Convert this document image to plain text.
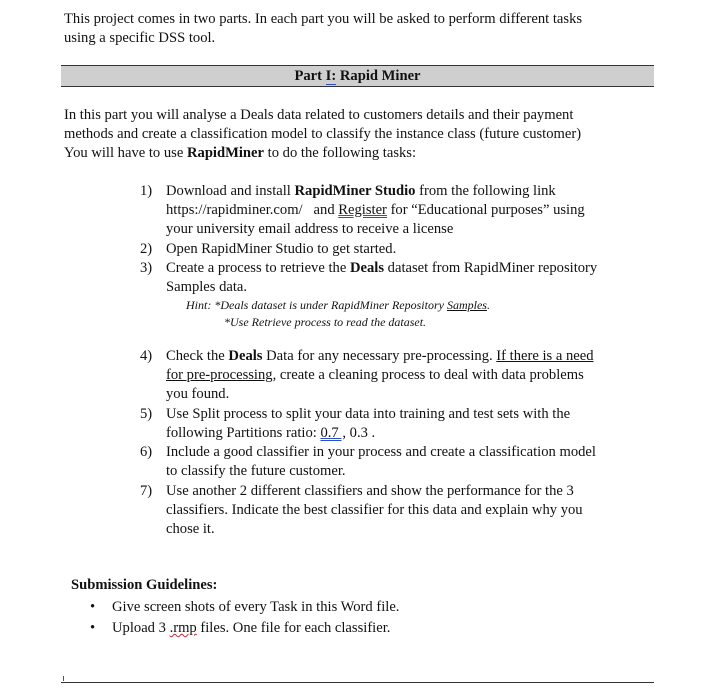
This project comes in two parts. In each part you will be asked to perform different tasks
using a specific DSS tool.
Part I: Rapid Miner
In this part you will analyse a Deals data related to customers details and their payment
methods and create a classification model to classify the instance class (future customer)
You will have to use RapidMiner to do the following tasks:
1) Download and install RapidMiner Studio from the following link
https://rapidminer.com/   and Register for “Educational purposes” using
your university email address to receive a license
2) Open RapidMiner Studio to get started.
3) Create a process to retrieve the Deals dataset from RapidMiner repository
Samples data.
Hint: *Deals dataset is under RapidMiner Repository Samples.
*Use Retrieve process to read the dataset.
4) Check the Deals Data for any necessary pre-processing. If there is a need
for pre-processing, create a cleaning process to deal with data problems
you found.
5) Use Split process to split your data into training and test sets with the
following Partitions ratio: 0.7 , 0.3 .
6) Include a good classifier in your process and create a classification model
to classify the future customer.
7) Use another 2 different classifiers and show the performance for the 3
classifiers. Indicate the best classifier for this data and explain why you
chose it.
Submission Guidelines:
• Give screen shots of every Task in this Word file.
• Upload 3 .rmp files. One file for each classifier.
